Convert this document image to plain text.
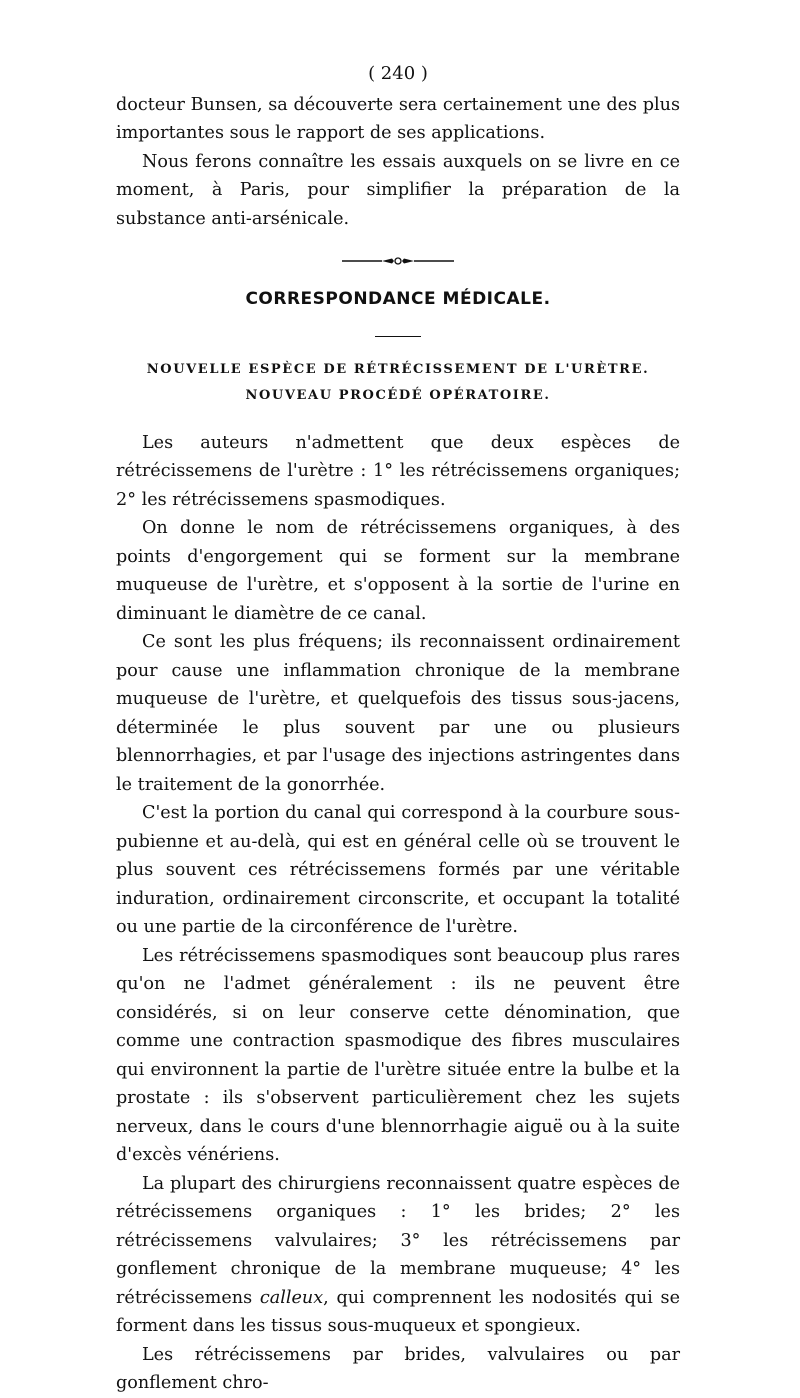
( 240 )

docteur Bunsen, sa découverte sera certainement une des plus importantes sous le rapport de ses applications.

Nous ferons connaître les essais auxquels on se livre en ce moment, à Paris, pour simplifier la préparation de la substance anti-arsénicale.

CORRESPONDANCE MÉDICALE.

NOUVELLE ESPÈCE DE RÉTRÉCISSEMENT DE L'URÈTRE.

NOUVEAU PROCÉDÉ OPÉRATOIRE.

Les auteurs n'admettent que deux espèces de rétrécissemens de l'urètre : 1° les rétrécissemens organiques; 2° les rétrécissemens spasmodiques.

On donne le nom de rétrécissemens organiques, à des points d'engorgement qui se forment sur la membrane muqueuse de l'urètre, et s'opposent à la sortie de l'urine en diminuant le diamètre de ce canal.

Ce sont les plus fréquens; ils reconnaissent ordinairement pour cause une inflammation chronique de la membrane muqueuse de l'urètre, et quelquefois des tissus sous-jacens, déterminée le plus souvent par une ou plusieurs blennorrhagies, et par l'usage des injections astringentes dans le traitement de la gonorrhée.

C'est la portion du canal qui correspond à la courbure sous-pubienne et au-delà, qui est en général celle où se trouvent le plus souvent ces rétrécissemens formés par une véritable induration, ordinairement circonscrite, et occupant la totalité ou une partie de la circonférence de l'urètre.

Les rétrécissemens spasmodiques sont beaucoup plus rares qu'on ne l'admet généralement : ils ne peuvent être considérés, si on leur conserve cette dénomination, que comme une contraction spasmodique des fibres musculaires qui environnent la partie de l'urètre située entre la bulbe et la prostate : ils s'observent particulièrement chez les sujets nerveux, dans le cours d'une blennorrhagie aiguë ou à la suite d'excès vénériens.

La plupart des chirurgiens reconnaissent quatre espèces de rétrécissemens organiques : 1° les brides; 2° les rétrécissemens valvulaires; 3° les rétrécissemens par gonflement chronique de la membrane muqueuse; 4° les rétrécissemens calleux, qui comprennent les nodosités qui se forment dans les tissus sous-muqueux et spongieux.

Les rétrécissemens par brides, valvulaires ou par gonflement chro-
